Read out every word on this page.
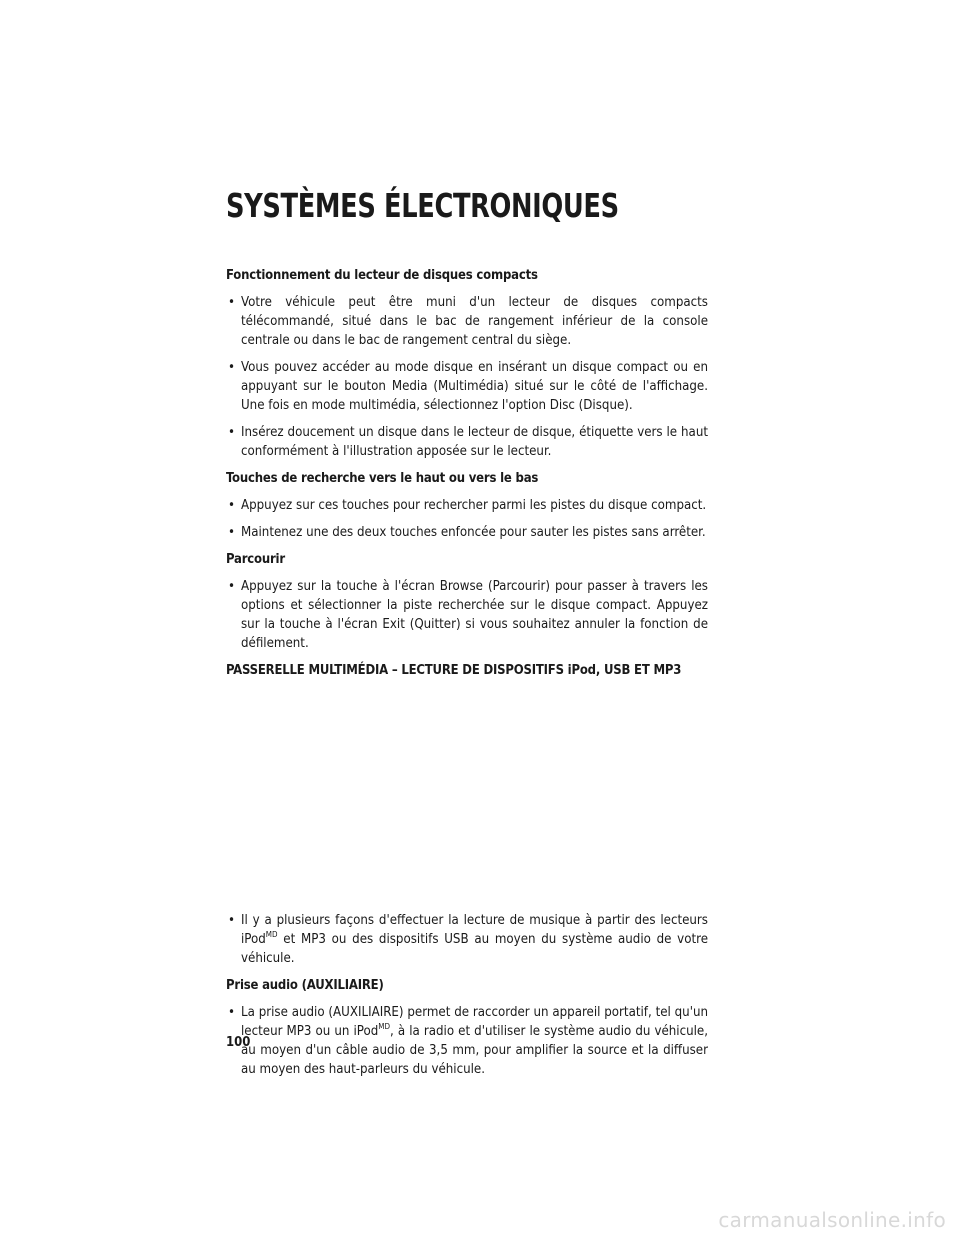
SYSTÈMES ÉLECTRONIQUES

Fonctionnement du lecteur de disques compacts

• Votre véhicule peut être muni d'un lecteur de disques compacts télécommandé, situé dans le bac de rangement inférieur de la console centrale ou dans le bac de rangement central du siège.

• Vous pouvez accéder au mode disque en insérant un disque compact ou en appuyant sur le bouton Media (Multimédia) situé sur le côté de l'affichage. Une fois en mode multimédia, sélectionnez l'option Disc (Disque).

• Insérez doucement un disque dans le lecteur de disque, étiquette vers le haut conformément à l'illustration apposée sur le lecteur.

Touches de recherche vers le haut ou vers le bas

• Appuyez sur ces touches pour rechercher parmi les pistes du disque compact.

• Maintenez une des deux touches enfoncée pour sauter les pistes sans arrêter.

Parcourir

• Appuyez sur la touche à l'écran Browse (Parcourir) pour passer à travers les options et sélectionner la piste recherchée sur le disque compact. Appuyez sur la touche à l'écran Exit (Quitter) si vous souhaitez annuler la fonction de défilement.

PASSERELLE MULTIMÉDIA – LECTURE DE DISPOSITIFS iPod, USB ET MP3

• Il y a plusieurs façons d'effectuer la lecture de musique à partir des lecteurs iPod$^{MD}$ et MP3 ou des dispositifs USB au moyen du système audio de votre véhicule.

Prise audio (AUXILIAIRE)

• La prise audio (AUXILIAIRE) permet de raccorder un appareil portatif, tel qu'un lecteur MP3 ou un iPod$^{MD}$, à la radio et d'utiliser le système audio du véhicule, au moyen d'un câble audio de 3,5 mm, pour amplifier la source et la diffuser au moyen des haut-parleurs du véhicule.

100

carmanualsonline.info
